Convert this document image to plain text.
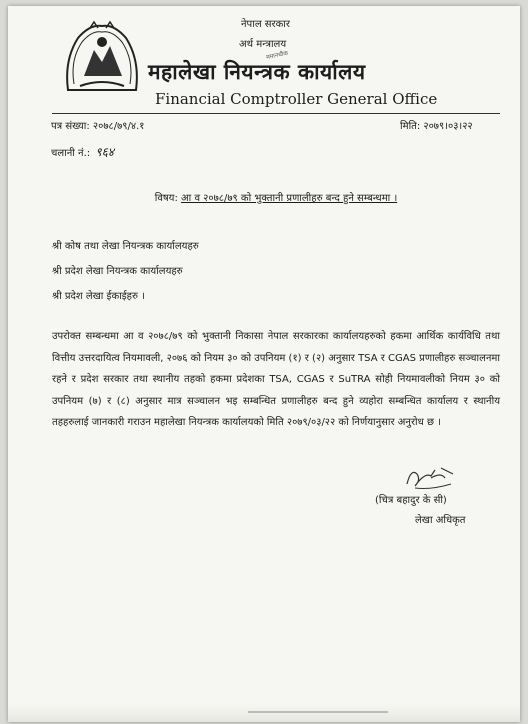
नेपाल सरकार
अर्थ मन्त्रालय
ममानचौक
महालेखा नियन्त्रक कार्यालय
Financial Comptroller General Office
पत्र संख्या: २०७८/७९/४.१	मिति: २०७९।०३।२२
चलानी नं.: ९६४
विषय: आ व २०७८/७९ को भुक्तानी प्रणालीहरु बन्द हुने सम्बन्धमा ।
श्री कोष तथा लेखा नियन्त्रक कार्यालयहरु
श्री प्रदेश लेखा नियन्त्रक कार्यालयहरु
श्री प्रदेश लेखा ईकाईहरु ।
उपरोक्त सम्बन्धमा आ व २०७८/७९ को भुक्तानी निकासा नेपाल सरकारका कार्यालयहरुको हकमा आर्थिक कार्यविधि तथा वित्तीय उत्तरदायित्व नियमावली, २०७६ को नियम ३० को उपनियम (१) र (२) अनुसार TSA र CGAS प्रणालीहरु सञ्चालनमा रहने र प्रदेश सरकार तथा स्थानीय तहको हकमा प्रदेशका TSA, CGAS र SuTRA सोही नियमावलीको नियम ३० को उपनियम (७) र (८) अनुसार मात्र सञ्चालन भइ सम्बन्धित प्रणालीहरु बन्द हुने व्यहोरा सम्बन्धित कार्यालय र स्थानीय तहहरुलाई जानकारी गराउन महालेखा नियन्त्रक कार्यालयको मिति २०७९/०३/२२ को निर्णयानुसार अनुरोध छ ।
(चित्र बहादुर के सी)
लेखा अधिकृत
